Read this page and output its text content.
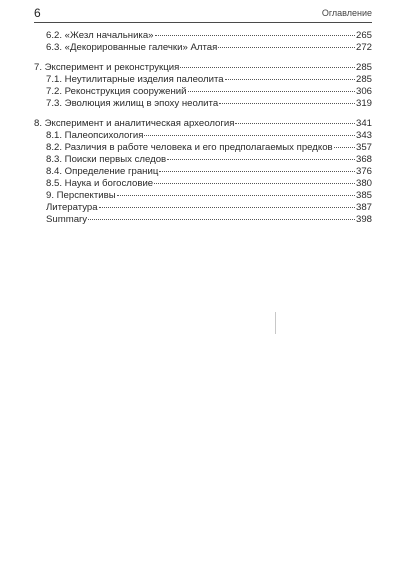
6	Оглавление
6.2. «Жезл начальника»	265
6.3. «Декорированные галечки» Алтая	272
7. Эксперимент и реконструкция	285
7.1. Неутилитарные изделия палеолита	285
7.2. Реконструкция сооружений	306
7.3. Эволюция жилищ в эпоху неолита	319
8. Эксперимент и аналитическая археология	341
8.1. Палеопсихология	343
8.2. Различия в работе человека и его предполагаемых предков 357
8.3. Поиски первых следов	368
8.4. Определение границ	376
8.5. Наука и богословие	380
9. Перспективы	385
Литература	387
Summary	398
